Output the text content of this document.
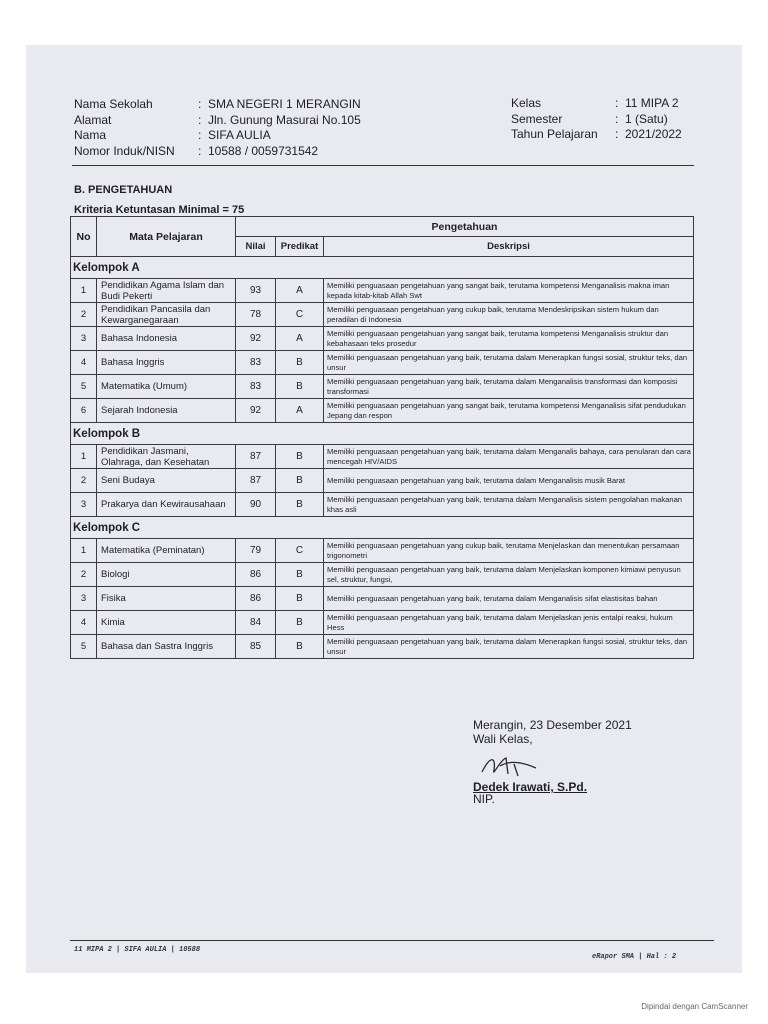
Nama Sekolah	: SMA NEGERI 1 MERANGIN
Alamat	: Jln. Gunung Masurai No.105
Nama	: SIFA AULIA
Nomor Induk/NISN	: 10588 / 0059731542
Kelas	: 11 MIPA 2
Semester	: 1 (Satu)
Tahun Pelajaran	: 2021/2022
B. PENGETAHUAN
Kriteria Ketuntasan Minimal = 75
No	Mata Pelajaran	Pengetahuan		
		Nilai	Predikat	Deskripsi
Kelompok A				
1	Pendidikan Agama Islam dan Budi Pekerti	93	A	Memiliki penguasaan pengetahuan yang sangat baik, terutama kompetensi Menganalisis makna iman kepada kitab-kitab Allah Swt
2	Pendidikan Pancasila dan Kewarganegaraan	78	C	Memiliki penguasaan pengetahuan yang cukup baik, terutama Mendeskripsikan sistem hukum dan peradilan di Indonesia
3	Bahasa Indonesia	92	A	Memiliki penguasaan pengetahuan yang sangat baik, terutama kompetensi Menganalisis struktur dan kebahasaan teks prosedur
4	Bahasa Inggris	83	B	Memiliki penguasaan pengetahuan yang baik, terutama dalam Menerapkan fungsi sosial, struktur teks, dan unsur
5	Matematika (Umum)	83	B	Memiliki penguasaan pengetahuan yang baik, terutama dalam Menganalisis transformasi dan komposisi transformasi
6	Sejarah Indonesia	92	A	Memiliki penguasaan pengetahuan yang sangat baik, terutama kompetensi Menganalisis sifat pendudukan Jepang dan respon
Kelompok B				
1	Pendidikan Jasmani, Olahraga, dan Kesehatan	87	B	Memiliki penguasaan pengetahuan yang baik, terutama dalam Menganalis bahaya, cara penularan dan cara mencegah HIV/AIDS
2	Seni Budaya	87	B	Memiliki penguasaan pengetahuan yang baik, terutama dalam Menganalisis musik Barat
3	Prakarya dan Kewirausahaan	90	B	Memiliki penguasaan pengetahuan yang baik, terutama dalam Menganalisis sistem pengolahan makanan khas asli
Kelompok C				
1	Matematika (Peminatan)	79	C	Memiliki penguasaan pengetahuan yang cukup baik, terutama Menjelaskan dan menentukan persamaan trigonometri
2	Biologi	86	B	Memiliki penguasaan pengetahuan yang baik, terutama dalam Menjelaskan komponen kimiawi penyusun sel, struktur, fungsi,
3	Fisika	86	B	Memiliki penguasaan pengetahuan yang baik, terutama dalam Menganalisis sifat elastisitas bahan
4	Kimia	84	B	Memiliki penguasaan pengetahuan yang baik, terutama dalam Menjelaskan jenis entalpi reaksi, hukum Hess
5	Bahasa dan Sastra Inggris	85	B	Memiliki penguasaan pengetahuan yang baik, terutama dalam Menerapkan fungsi sosial, struktur teks, dan unsur
Merangin, 23 Desember 2021
Wali Kelas,
Dedek Irawati, S.Pd.
NIP.
11 MIPA 2 | SIFA AULIA | 10588
eRapor SMA | Hal : 2
Dipindai dengan CamScanner
